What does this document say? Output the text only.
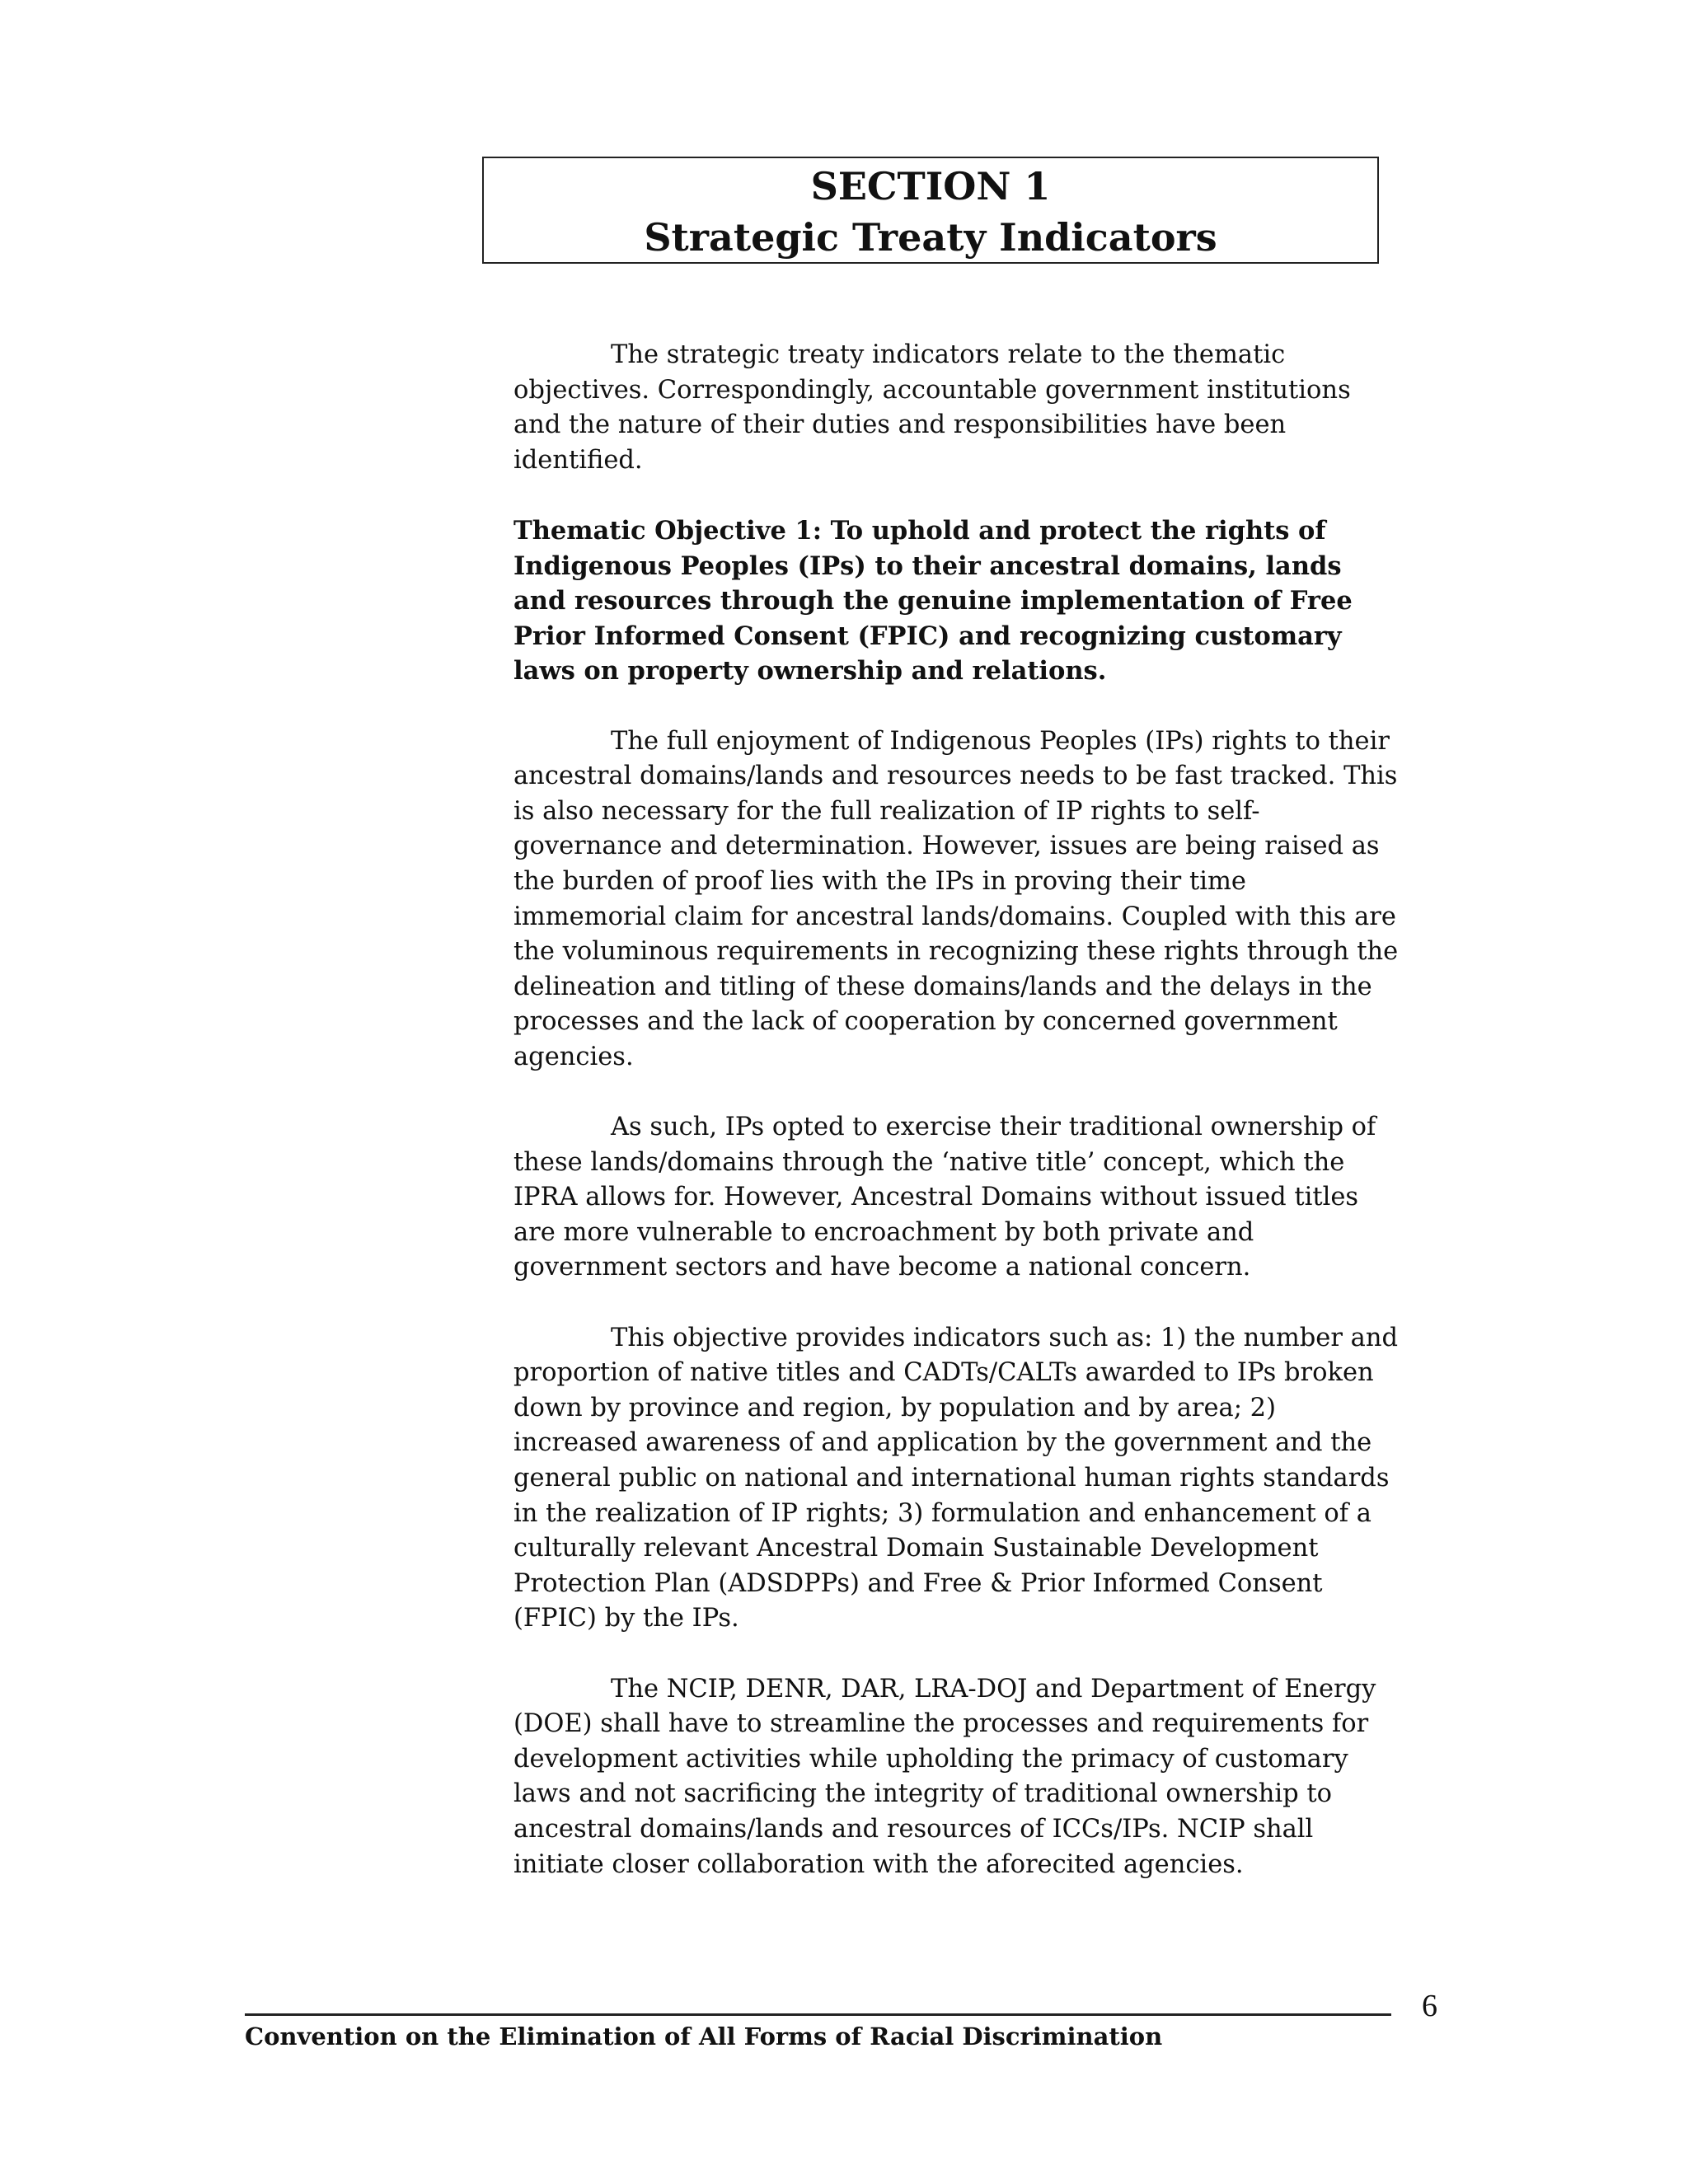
SECTION 1
Strategic Treaty Indicators

The strategic treaty indicators relate to the thematic objectives. Correspondingly, accountable government institutions and the nature of their duties and responsibilities have been identified.

Thematic Objective 1: To uphold and protect the rights of Indigenous Peoples (IPs) to their ancestral domains, lands and resources through the genuine implementation of Free Prior Informed Consent (FPIC) and recognizing customary laws on property ownership and relations.

The full enjoyment of Indigenous Peoples (IPs) rights to their ancestral domains/lands and resources needs to be fast tracked. This is also necessary for the full realization of IP rights to self-governance and determination. However, issues are being raised as the burden of proof lies with the IPs in proving their time immemorial claim for ancestral lands/domains. Coupled with this are the voluminous requirements in recognizing these rights through the delineation and titling of these domains/lands and the delays in the processes and the lack of cooperation by concerned government agencies.

As such, IPs opted to exercise their traditional ownership of these lands/domains through the ‘native title’ concept, which the IPRA allows for. However, Ancestral Domains without issued titles are more vulnerable to encroachment by both private and government sectors and have become a national concern.

This objective provides indicators such as: 1) the number and proportion of native titles and CADTs/CALTs awarded to IPs broken down by province and region, by population and by area; 2) increased awareness of and application by the government and the general public on national and international human rights standards in the realization of IP rights; 3) formulation and enhancement of a culturally relevant Ancestral Domain Sustainable Development Protection Plan (ADSDPPs) and Free & Prior Informed Consent (FPIC) by the IPs.

The NCIP, DENR, DAR, LRA-DOJ and Department of Energy (DOE) shall have to streamline the processes and requirements for development activities while upholding the primacy of customary laws and not sacrificing the integrity of traditional ownership to ancestral domains/lands and resources of ICCs/IPs. NCIP shall initiate closer collaboration with the aforecited agencies.

6
Convention on the Elimination of All Forms of Racial Discrimination
